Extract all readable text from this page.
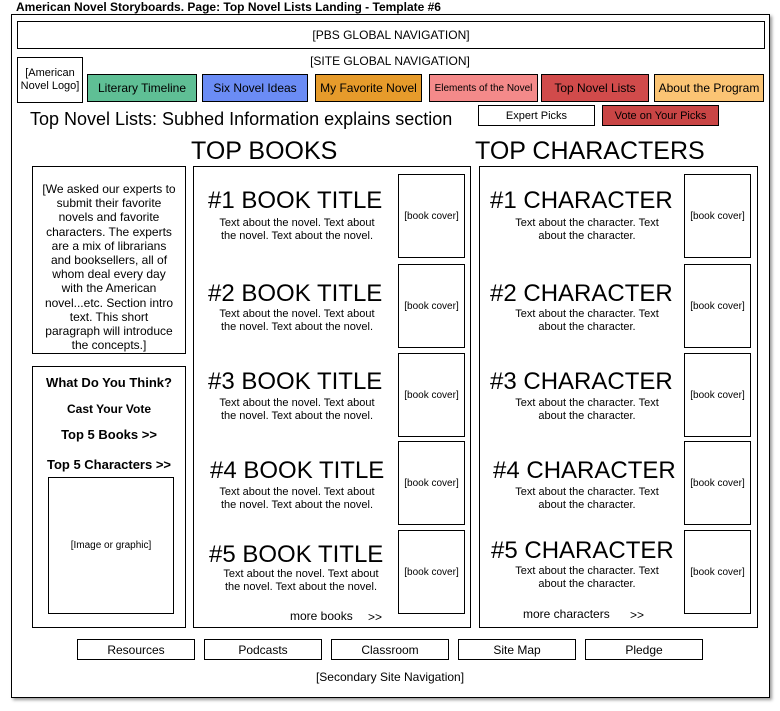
American Novel Storyboards. Page: Top Novel Lists Landing - Template #6
[PBS GLOBAL NAVIGATION]
[SITE GLOBAL NAVIGATION]
[American Novel Logo]	Literary Timeline	Six Novel Ideas	My Favorite Novel	Elements of the Novel	Top Novel Lists	About the Program
Top Novel Lists: Subhed Information explains section	Expert Picks	Vote on Your Picks
TOP BOOKS	TOP CHARACTERS
[We asked our experts to submit their favorite novels and favorite characters. The experts are a mix of librarians and booksellers, all of whom deal every day with the American novel...etc. Section intro text. This short paragraph will introduce the concepts.]
What Do You Think?
Cast Your Vote
Top 5 Books >>
Top 5 Characters >>
[Image or graphic]
#1 BOOK TITLE
Text about the novel. Text about the novel. Text about the novel.
[book cover]
#2 BOOK TITLE
Text about the novel. Text about the novel. Text about the novel.
[book cover]
#3 BOOK TITLE
Text about the novel. Text about the novel. Text about the novel.
[book cover]
#4 BOOK TITLE
Text about the novel. Text about the novel. Text about the novel.
[book cover]
#5 BOOK TITLE
Text about the novel. Text about the novel. Text about the novel.
[book cover]
more books >>
#1 CHARACTER
Text about the character. Text about the character.
[book cover]
#2 CHARACTER
Text about the character. Text about the character.
[book cover]
#3 CHARACTER
Text about the character. Text about the character.
[book cover]
#4 CHARACTER
Text about the character. Text about the character.
[book cover]
#5 CHARACTER
Text about the character. Text about the character.
[book cover]
more characters >>
Resources	Podcasts	Classroom	Site Map	Pledge
[Secondary Site Navigation]
